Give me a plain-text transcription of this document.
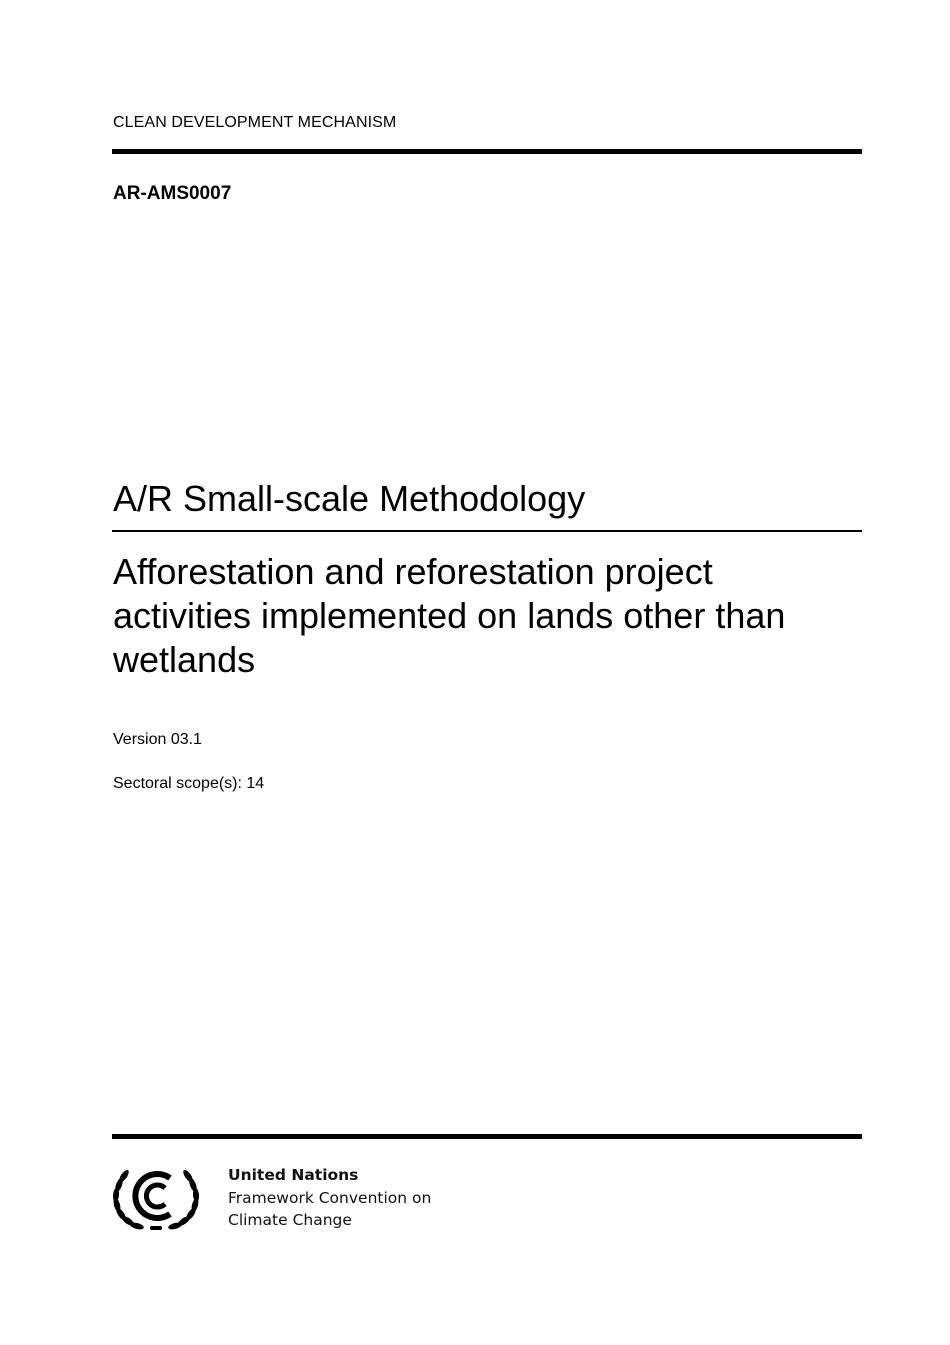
CLEAN DEVELOPMENT MECHANISM
AR-AMS0007
A/R Small-scale Methodology
Afforestation and reforestation project activities implemented on lands other than wetlands
Version 03.1
Sectoral scope(s): 14
United Nations
Framework Convention on
Climate Change
